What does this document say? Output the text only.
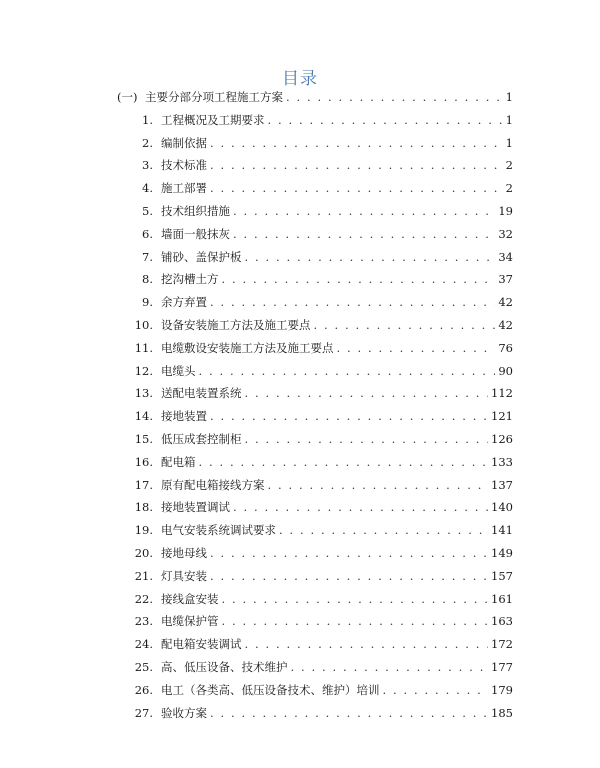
目录
(一) 主要分部分项工程施工方案 . . .	1
1. 工程概况及工期要求 . . .	1
2. 编制依据 . . .	1
3. 技术标准 . . .	2
4. 施工部署 . . .	2
5. 技术组织措施 . . .	19
6. 墙面一般抹灰 . . .	32
7. 铺砂、盖保护板 . . .	34
8. 挖沟槽土方 . . .	37
9. 余方弃置 . . .	42
10. 设备安装施工方法及施工要点 . . .	42
11. 电缆敷设安装施工方法及施工要点 . . .	76
12. 电缆头 . . .	90
13. 送配电装置系统 . . .	112
14. 接地装置 . . .	121
15. 低压成套控制柜 . . .	126
16. 配电箱 . . .	133
17. 原有配电箱接线方案 . . .	137
18. 接地装置调试 . . .	140
19. 电气安装系统调试要求 . . .	141
20. 接地母线 . . .	149
21. 灯具安装 . . .	157
22. 接线盒安装 . . .	161
23. 电缆保护管 . . .	163
24. 配电箱安装调试 . . .	172
25. 高、低压设备、技术维护 . . .	177
26. 电工（各类高、低压设备技术、维护）培训 . . .	179
27. 验收方案 . . .	185
